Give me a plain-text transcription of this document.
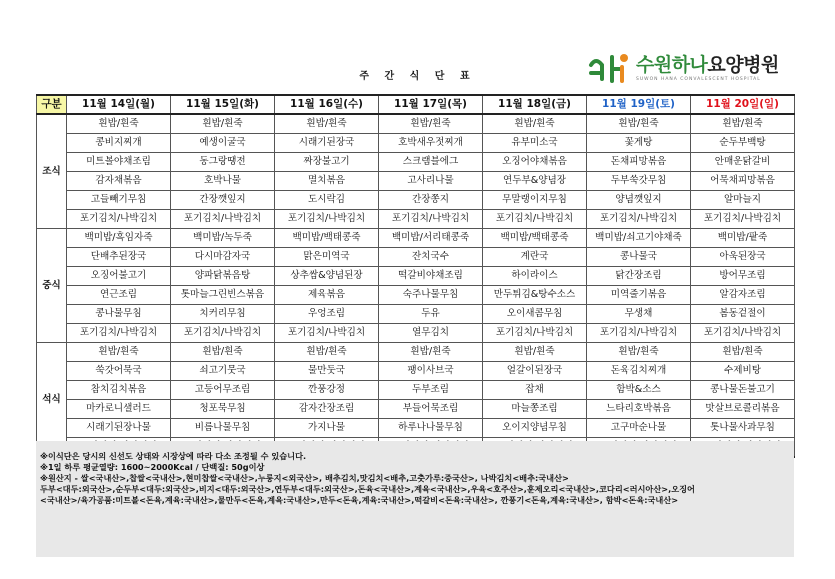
주 간 식 단 표
수원하나요양병원
SUWON HANA CONVALESCENT HOSPITAL
구분	11월 14일(월)	11월 15일(화)	11월 16일(수)	11월 17일(목)	11월 18일(금)	11월 19일(토)	11월 20일(일)
조식	흰밥/흰죽	흰밥/흰죽	흰밥/흰죽	흰밥/흰죽	흰밥/흰죽	흰밥/흰죽	흰밥/흰죽
	콩비지찌개	예생이굴국	시래기된장국	호박새우젓찌개	유부미소국	꽃게탕	순두부백탕
	미트볼야채조림	동그랑땡전	짜장불고기	스크램블에그	오징어야채볶음	돈채피망볶음	안매운닭갈비
	감자채볶음	호박나물	멸치볶음	고사리나물	연두부&양념장	두부쑥갓무침	어묵채피망볶음
	고들빼기무침	간장깻잎지	도시락김	간장쫑지	무말랭이지무침	양념깻잎지	알마늘지
	포기김치/나박김치	포기김치/나박김치	포기김치/나박김치	포기김치/나박김치	포기김치/나박김치	포기김치/나박김치	포기김치/나박김치
중식	백미밥/흑임자죽	백미밥/녹두죽	백미밥/백태콩죽	백미밥/서리태콩죽	백미밥/백태콩죽	백미밥/쇠고기야채죽	백미밥/팥죽
	단배추된장국	다시마감자국	맑은미역국	잔치국수	계란국	콩나물국	아욱된장국
	오징어불고기	양파닭볶음탕	상추쌈&양념된장	떡갈비야채조림	하이라이스	닭간장조림	방어무조림
	연근조림	톳마늘그린빈스볶음	제육볶음	숙주나물무침	만두튀김&탕수소스	미역줄기볶음	알감자조림
	콩나물무침	치커리무침	우엉조림	두유	오이새콤무침	무생채	봄동겉절이
	포기김치/나박김치	포기김치/나박김치	포기김치/나박김치	열무김치	포기김치/나박김치	포기김치/나박김치	포기김치/나박김치
석식	흰밥/흰죽	흰밥/흰죽	흰밥/흰죽	흰밥/흰죽	흰밥/흰죽	흰밥/흰죽	흰밥/흰죽
	쑥갓어묵국	쇠고기뭇국	물만둣국	팽이사브국	얼갈이된장국	돈육김치찌개	수제비탕
	참치김치볶음	고등어무조림	깐풍강정	두부조림	잡채	함박&소스	콩나물돈불고기
	마카로니샐러드	청포묵무침	감자간장조림	부들어묵조림	마늘쫑조림	느타리호박볶음	맛살브로콜리볶음
	시래기된장나물	비름나물무침	가지나물	하루나나물무침	오이지양념무침	고구마순나물	톳나물사과무침

※이식단은 당시의 신선도 상태와 시장상에 따라 다소 조정될 수 있습니다.
※1일 하루 평균열량: 1600~2000Kcal / 단백질: 50g이상
※원산지 - 쌀<국내산>,찹쌀<국내산>,현미찹쌀<국내산>,누룽지<외국산>, 배추김치,맛김치<배추,고춧가루:중국산>, 나박김치<배추:국내산>
두부<대두:외국산>,순두부<대두:외국산>,비지<대두:외국산>,연두부<대두:외국산>,돈육<국내산>,계육<국내산>,우육<호주산>,훈제오리<국내산>,코다리<러시아산>,오징어
<국내산>/육가공품:미트볼<돈육,계육:국내산>,물만두<돈육,계육:국내산>,만두<돈육,계육:국내산>,떡갈비<돈육:국내산>, 깐풍기<돈육,계육:국내산>, 함박<돈육:국내산>
